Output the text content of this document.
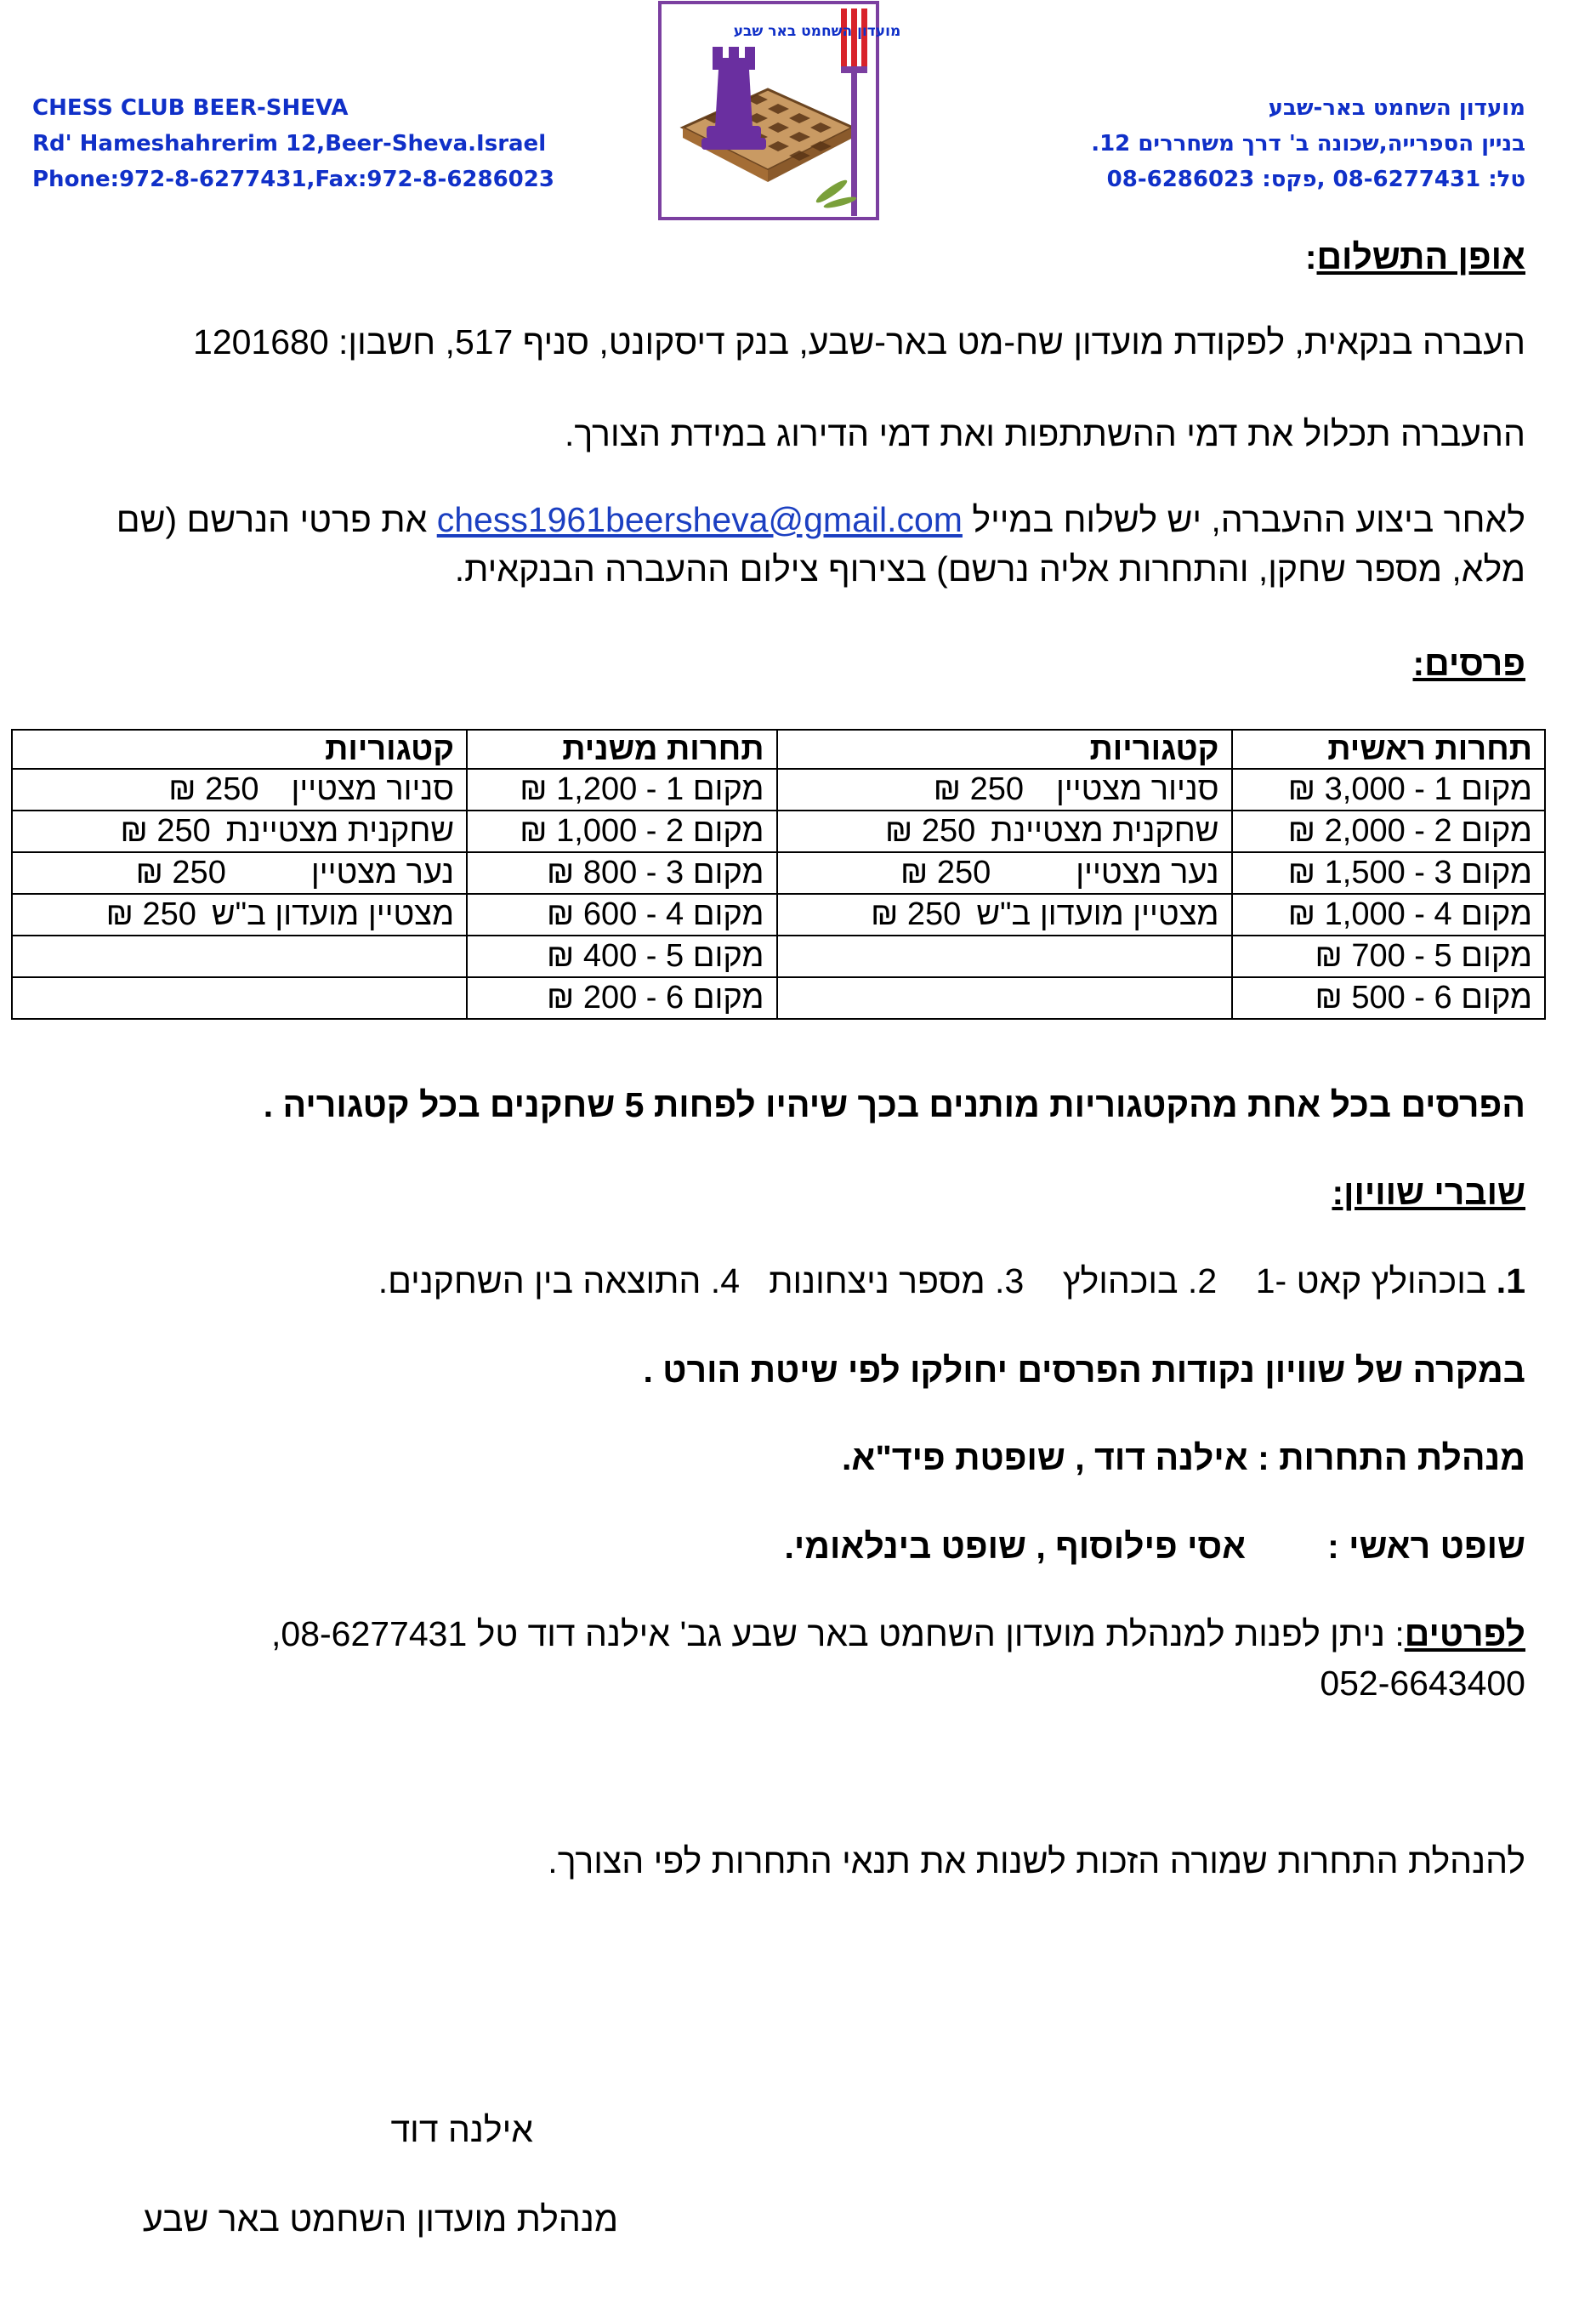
CHESS CLUB BEER-SHEVA
Rd' Hameshahrerim 12,Beer-Sheva.Israel
Phone:972-8-6277431,Fax:972-8-6286023
מועדון השחמט באר שבע
מועדון השחמט באר-שבע
בניין הספרייה,שכונה ב' דרך משחררים 12.
טל: 08-6277431 ,פקס: 08-6286023
אופן התשלום:
העברה בנקאית, לפקודת מועדון שח-מט באר-שבע, בנק דיסקונט, סניף 517, חשבון: 1201680
ההעברה תכלול את דמי ההשתתפות ואת דמי הדירוג במידת הצורך.
לאחר ביצוע ההעברה, יש לשלוח במייל chess1961beersheva@gmail.com את פרטי הנרשם (שם
מלא, מספר שחקן, והתחרות אליה נרשם) בצירוף צילום ההעברה הבנקאית.
פרסים:
תחרות ראשית	קטגוריות	תחרות משנית	קטגוריות
מקום 1 - 3,000 ₪	סניור מצטיין250 ₪	מקום 1 - 1,200 ₪	סניור מצטיין250 ₪
מקום 2 - 2,000 ₪	שחקנית מצטיינת250 ₪	מקום 2 - 1,000 ₪	שחקנית מצטיינת250 ₪
מקום 3 - 1,500 ₪	נער מצטיין250 ₪	מקום 3 - 800 ₪	נער מצטיין250 ₪
מקום 4 - 1,000 ₪	מצטיין מועדון ב"ש250 ₪	מקום 4 - 600 ₪	מצטיין מועדון ב"ש250 ₪
מקום 5 - 700 ₪		מקום 5 - 400 ₪	
מקום 6 - 500 ₪		מקום 6 - 200 ₪	
הפרסים בכל אחת מהקטגוריות מותנים בכך שיהיו לפחות 5 שחקנים בכל קטגוריה .
שוברי שוויון:
1. בוכהולץ קאט -1    2. בוכהולץ    3. מספר ניצחונות   4. התוצאה בין השחקנים.
במקרה של שוויון נקודות הפרסים יחולקו לפי שיטת הורט .
מנהלת התחרות : אילנה דוד , שופטת פיד"א.
שופט ראשי :אסי פילוסוף , שופט בינלאומי.
לפרטים: ניתן לפנות למנהלת מועדון השחמט באר שבע גב' אילנה דוד טל 08-6277431,
052-6643400
להנהלת התחרות שמורה הזכות לשנות את תנאי התחרות לפי הצורך.
אילנה דוד
מנהלת מועדון השחמט באר שבע
